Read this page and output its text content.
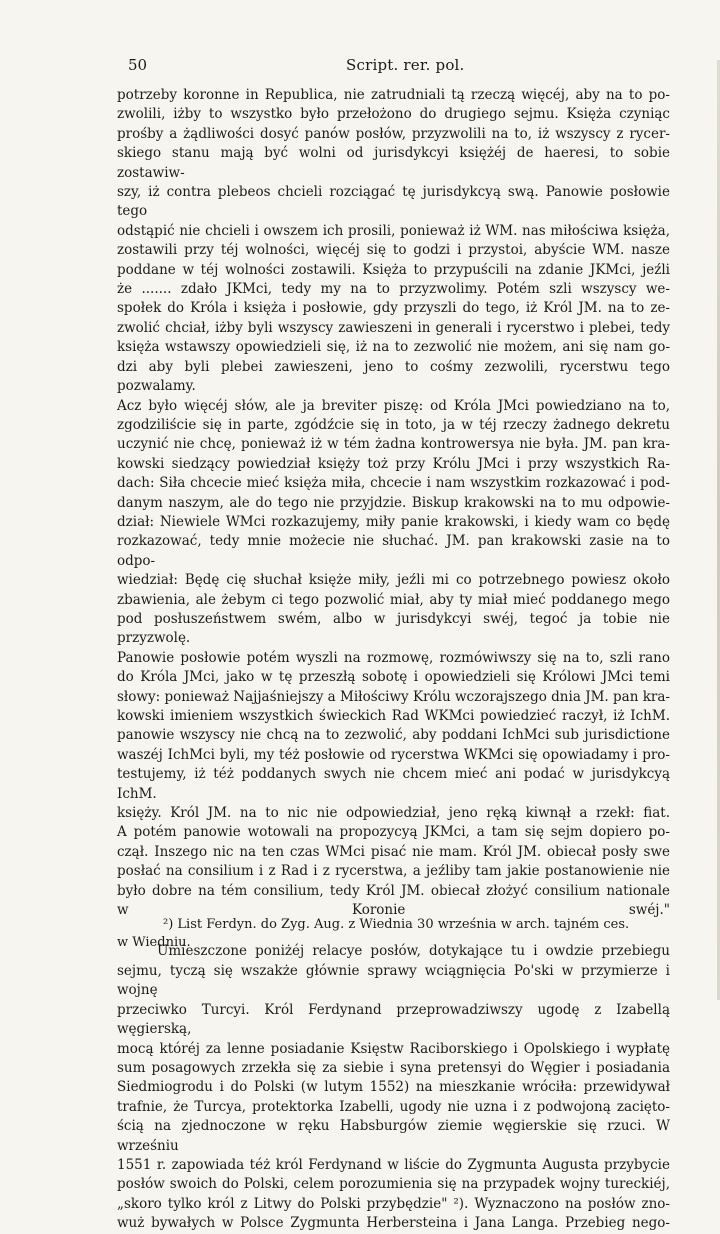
50	Script. rer. pol.

potrzeby koronne in Republica, nie zatrudniali tą rzeczą więcéj, aby na to po-
zwolili, iżby to wszystko było przełożono do drugiego sejmu. Księża czyniąc
prośby a żądliwości dosyć panów posłów, przyzwolili na to, iż wszyscy z rycer-
skiego stanu mają być wolni od jurisdykcyi księżéj de haeresi, to sobie zostawiw-
szy, iż contra plebeos chcieli rozciągać tę jurisdykcyą swą. Panowie posłowie tego
odstąpić nie chcieli i owszem ich prosili, ponieważ iż WM. nas miłościwa księża,
zostawili przy téj wolności, więcéj się to godzi i przystoi, abyście WM. nasze
poddane w téj wolności zostawili. Księża to przypuścili na zdanie JKMci, jeźli
że ....... zdało JKMci, tedy my na to przyzwolimy. Potém szli wszyscy we-
społek do Króla i księża i posłowie, gdy przyszli do tego, iż Król JM. na to ze-
zwolić chciał, iżby byli wszyscy zawieszeni in generali i rycerstwo i plebei, tedy
księża wstawszy opowiedzieli się, iż na to zezwolić nie możem, ani się nam go-
dzi aby byli plebei zawieszeni, jeno to cośmy zezwolili, rycerstwu tego pozwalamy.
Acz było więcéj słów, ale ja breviter piszę: od Króla JMci powiedziano na to,
zgodziliście się in parte, zgódźcie się in toto, ja w téj rzeczy żadnego dekretu
uczynić nie chcę, ponieważ iż w tém żadna kontrowersya nie była. JM. pan kra-
kowski siedzący powiedział księży toż przy Królu JMci i przy wszystkich Ra-
dach: Siła chcecie mieć księża miła, chcecie i nam wszystkim rozkazować i pod-
danym naszym, ale do tego nie przyjdzie. Biskup krakowski na to mu odpowie-
dział: Niewiele WMci rozkazujemy, miły panie krakowski, i kiedy wam co będę
rozkazować, tedy mnie możecie nie słuchać. JM. pan krakowski zasie na to odpo-
wiedział: Będę cię słuchał księże miły, jeźli mi co potrzebnego powiesz około
zbawienia, ale żebym ci tego pozwolić miał, aby ty miał mieć poddanego mego
pod posłuszeństwem swém, albo w jurisdykcyi swéj, tegoć ja tobie nie przyzwolę.
Panowie posłowie potém wyszli na rozmowę, rozmówiwszy się na to, szli rano
do Króla JMci, jako w tę przeszłą sobotę i opowiedzieli się Królowi JMci temi
słowy: ponieważ Najjaśniejszy a Miłościwy Królu wczorajszego dnia JM. pan kra-
kowski imieniem wszystkich świeckich Rad WKMci powiedzieć raczył, iż IchM.
panowie wszyscy nie chcą na to zezwolić, aby poddani IchMci sub jurisdictione
waszéj IchMci byli, my téż posłowie od rycerstwa WKMci się opowiadamy i pro-
testujemy, iż téż poddanych swych nie chcem mieć ani podać w jurisdykcyą IchM.
księży. Król JM. na to nic nie odpowiedział, jeno ręką kiwnął a rzekł: fiat.
A potém panowie wotowali na propozycyą JKMci, a tam się sejm dopiero po-
czął. Inszego nic na ten czas WMci pisać nie mam. Król JM. obiecał posły swe
posłać na consilium i z Rad i z rycerstwa, a jeźliby tam jakie postanowienie nie
było dobre na tém consilium, tedy Król JM. obiecał złożyć consilium nationale
w Koronie swéj."

Umieszczone poniżéj relacye posłów, dotykające tu i owdzie przebiegu
sejmu, tyczą się wszakże głównie sprawy wciągnięcia Po'ski w przymierze i wojnę
przeciwko Turcyi. Król Ferdynand przeprowadziwszy ugodę z Izabellą węgierską,
mocą któréj za lenne posiadanie Księstw Raciborskiego i Opolskiego i wypłatę
sum posagowych zrzekła się za siebie i syna pretensyi do Węgier i posiadania
Siedmiogrodu i do Polski (w lutym 1552) na mieszkanie wróciła: przewidywał
trafnie, że Turcya, protektorka Izabelli, ugody nie uzna i z podwojoną zacięto-
ścią na zjednoczone w ręku Habsburgów ziemie węgierskie się rzuci. W wrześniu
1551 r. zapowiada téż król Ferdynand w liście do Zygmunta Augusta przybycie
posłów swoich do Polski, celem porozumienia się na przypadek wojny tureckiéj,
„skoro tylko król z Litwy do Polski przybędzie" ²). Wyznaczono na posłów zno-
wuż bywałych w Polsce Zygmunta Herbersteina i Jana Langa. Przebieg nego-

²) List Ferdyn. do Zyg. Aug. z Wiednia 30 września w arch. tajném ces.
w Wiedniu.
